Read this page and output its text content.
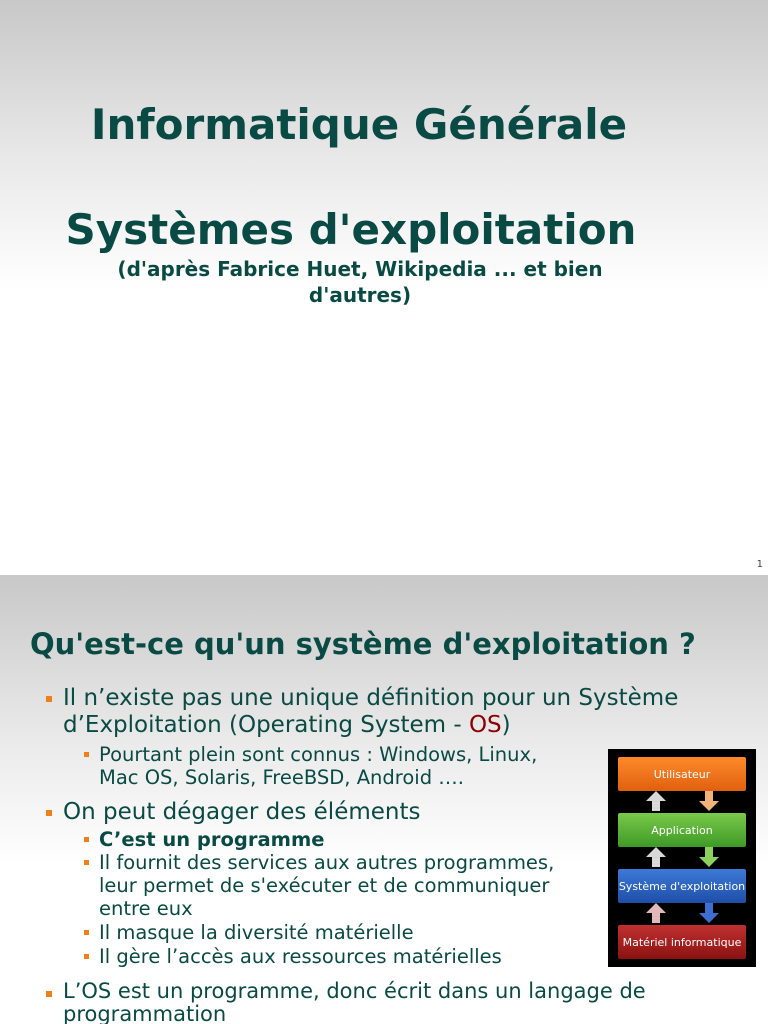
Informatique Générale
Systèmes d'exploitation
(d'après Fabrice Huet, Wikipedia ... et bien d'autres)
1
Qu'est-ce qu'un système d'exploitation ?
Il n’existe pas une unique définition pour un Système
d’Exploitation (Operating System - OS)
Pourtant plein sont connus : Windows, Linux,
Mac OS, Solaris, FreeBSD, Android ….
On peut dégager des éléments
C’est un programme
Il fournit des services aux autres programmes,
leur permet de s'exécuter et de communiquer
entre eux
Il masque la diversité matérielle
Il gère l’accès aux ressources matérielles
L’OS est un programme, donc écrit dans un langage de
programmation
Utilisateur
Application
Système d'exploitation
Matériel informatique
